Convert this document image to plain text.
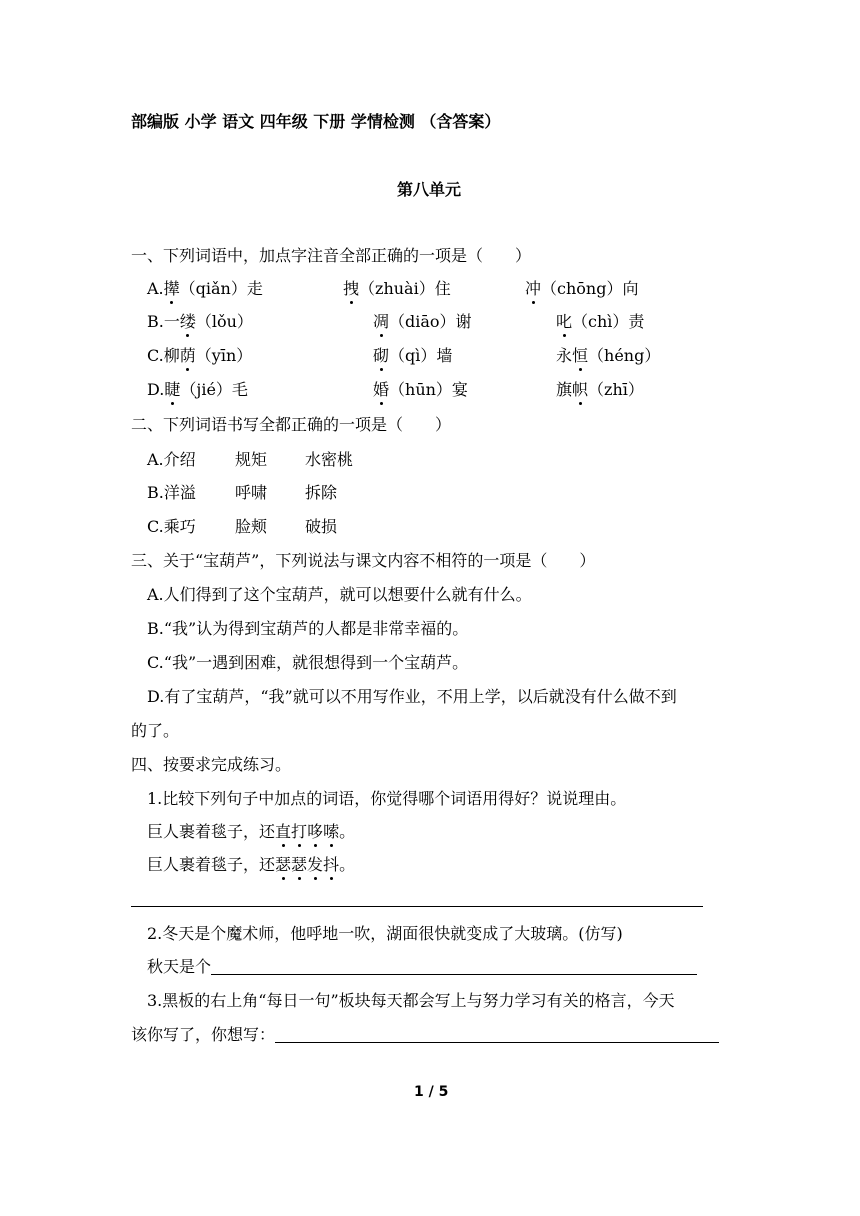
部编版 小学 语文 四年级 下册 学情检测 （含答案）
第八单元
一、下列词语中，加点字注音全部正确的一项是（　　）
A.撵（qiǎn）走	拽（zhuài）住	冲（chōng）向
B.一缕（lǒu）	凋（diāo）谢	叱（chì）责
C.柳荫（yīn）	砌（qì）墙	永恒（héng）
D.睫（jié）毛	婚（hūn）宴	旗帜（zhī）
二、下列词语书写全都正确的一项是（　　）
A.介绍 规矩 水密桃
B.洋溢 呼啸 拆除
C.乘巧 脸颊 破损
三、关于“宝葫芦”，下列说法与课文内容不相符的一项是（　　）
A.人们得到了这个宝葫芦，就可以想要什么就有什么。
B.“我”认为得到宝葫芦的人都是非常幸福的。
C.“我”一遇到困难，就很想得到一个宝葫芦。
D.有了宝葫芦，“我”就可以不用写作业，不用上学，以后就没有什么做不到
的了。
四、按要求完成练习。
1.比较下列句子中加点的词语，你觉得哪个词语用得好？说说理由。
巨人裹着毯子，还直打哆嗦。
巨人裹着毯子，还瑟瑟发抖。
2.冬天是个魔术师，他呼地一吹，湖面很快就变成了大玻璃。(仿写)
秋天是个
3.黑板的右上角“每日一句”板块每天都会写上与努力学习有关的格言，今天
该你写了，你想写：
1 / 5
